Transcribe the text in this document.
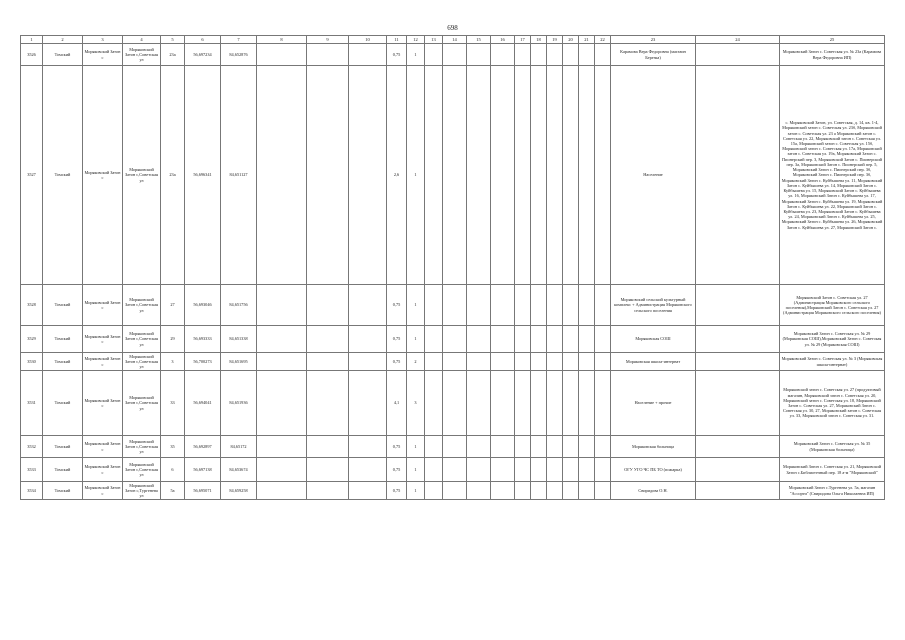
698
1	2	3	4	5	6	7	8	9	10	11	12	13	14	15	16	17	18	19	20	21	22	23	24	25
3526	Томский	Моряковский Затон с	Моряковский Затон с,Советская ул	23а	56,697234	84,652876				0,75	1											Карамова Вера Федоровна (магазин Березка)		Моряковский Затон с. Советская ул. № 23а (Карамова Вера Федоровна ИП)
3527	Томский	Моряковский Затон с	Моряковский Затон с,Советская ул	23а	56,696341	84,651127				2,6	1											Население		с. Моряковский Затон, ул. Советская, д. 14, кв. 1-4, Моряковский затон с. Советская ул. 23б, Моряковский затон с. Советская ул. 23 а Моряковский затон с. Советская ул. 22, Моряковский затон с. Советская ул. 15а, Моряковский затон с. Советская ул. 15б, Моряковский затон с. Советская ул. 17а, Моряковский затон с. Советская ул. 19а, Моряковский Затон с. Пионерский пер. 3, Моряковский Затон с. Пионерский пер. 3а, Моряковский Затон с. Пионерский пер. 5, Моряковский Затон с. Пионерский пер. 3б, Моряковский Затон с. Пионерский пер. 3б, Моряковский Затон с. Куйбышева ул. 11, Моряковский Затон с. Куйбышева ул. 14, Моряковский Затон с. Куйбышева ул. 15, Моряковский Затон с. Куйбышева ул. 16, Моряковский Затон с. Куйбышева ул. 17, Моряковский Затон с. Куйбышева ул. 19, Моряковский Затон с. Куйбышева ул. 22, Моряковский Затон с. Куйбышева ул. 23, Моряковский Затон с. Куйбышева ул. 24, Моряковский Затон с. Куйбышева ул. 25, Моряковский Затон с. Куйбышева ул. 26, Моряковский Затон с. Куйбышева ул. 27, Моряковский Затон с.
3528	Томский	Моряковский Затон с	Моряковский Затон с,Советская ул	27	56,693046	84,651756				0,75	1											Моряковский сельский культурный комплекс + Администрация Моряковского сельского поселения		Моряковский Затон с. Советская ул. 27 (Администрация Моряковского сельского поселения),Моряковский Затон с. Советская ул. 27 (Администрация Моряковского сельского поселения)
3529	Томский	Моряковский Затон с	Моряковский Затон с,Советская ул	29	56,693333	84,651338				0,75	1											Моряковская СОШ		Моряковский Затон с. Советская ул. № 29 (Моряковская СОШ),Моряковский Затон с. Советская ул. № 29 (Моряковская СОШ)
3530	Томский	Моряковский Затон с	Моряковский Затон с,Советская ул	3	56,700273	84,651695				0,75	2											Моряковская школа-интернат		Моряковский Затон с. Советская ул. № 3 (Моряковская школа-интернат)
3531	Томский	Моряковский Затон с	Моряковский Затон с,Советская ул	33	56,694041	84,651936				4,1	3											Население + прочие		Моряковский затон с. Советская ул. 27 (продуктовый магазин, Моряковский затон с. Советская ул. 20, Моряковский затон с. Советская ул. 18, Моряковский Затон с. Советская ул. 27, Моряковский Затон с. Советская ул. 30, 27, Моряковский затон с. Советская ул. 33, Моряковский затон с. Советская ул. 31.
3532	Томский	Моряковский Затон с	Моряковский Затон с,Советская ул	35	56,692897	84,65172				0,75	1											Моряковская больница		Моряковский Затон с. Советская ул. № 35 (Моряковская больница)
3533	Томский	Моряковский Затон с	Моряковский Затон с,Советская ул	6	56,697138	84,653674				0,75	1											ОГУ УГО ЧС ПБ ТО (пожарка)		Моряковский Затон с. Советская ул. 21, Моряковский Затон с.Библиотечный пер. 18 а-м "Моряковский"
3534	Томский	Моряковский Затон с	Моряковский Затон с,Тургенева ул	5а	56,695071	84,659258				0,75	1											Свиридова О.Н.		Моряковский Затон с.Тургенева ул. 5а, магазин "Ассорти" (Свиридова Ольга Николаевна ИП)
